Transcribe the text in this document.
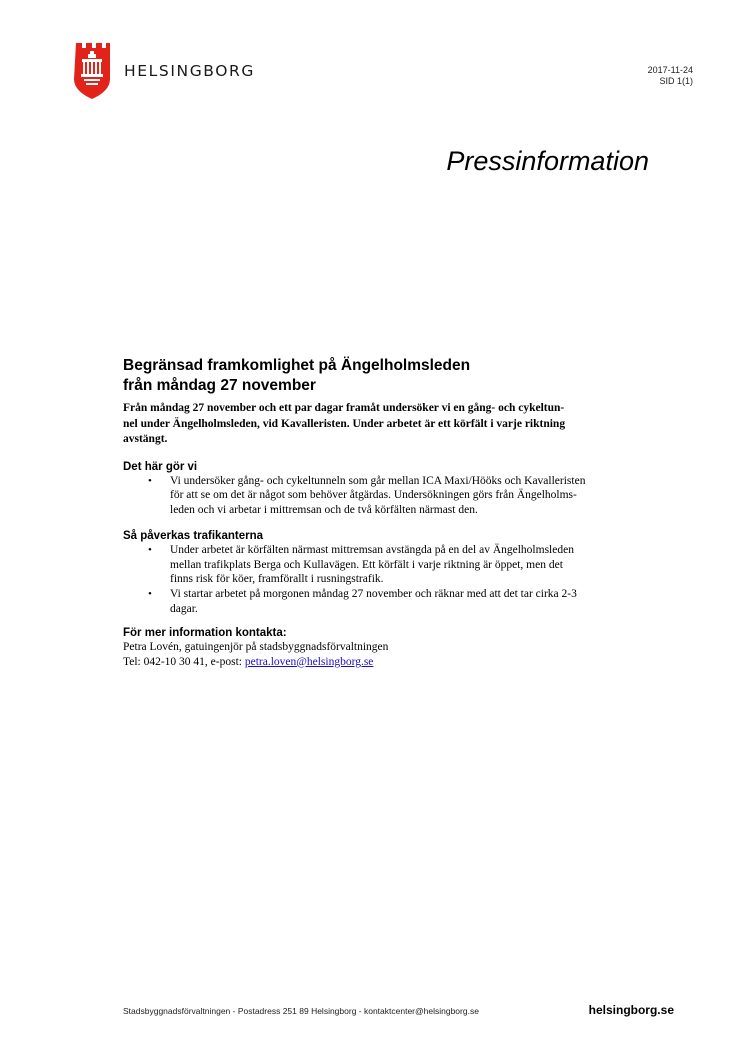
HELSINGBORG	2017-11-24
SID 1(1)
Pressinformation
Begränsad framkomlighet på Ängelholmsleden
från måndag 27 november
Från måndag 27 november och ett par dagar framåt undersöker vi en gång- och cykeltun-
nel under Ängelholmsleden, vid Kavalleristen. Under arbetet är ett körfält i varje riktning
avstängt.
Det här gör vi
• Vi undersöker gång- och cykeltunneln som går mellan ICA Maxi/Hööks och Kavalleristen
för att se om det är något som behöver åtgärdas. Undersökningen görs från Ängelholms-
leden och vi arbetar i mittremsan och de två körfälten närmast den.
Så påverkas trafikanterna
• Under arbetet är körfälten närmast mittremsan avstängda på en del av Ängelholmsleden
mellan trafikplats Berga och Kullavägen. Ett körfält i varje riktning är öppet, men det
finns risk för köer, framförallt i rusningstrafik.
• Vi startar arbetet på morgonen måndag 27 november och räknar med att det tar cirka 2-3
dagar.
För mer information kontakta:

Petra Lovén, gatuingenjör på stadsbyggnadsförvaltningen

Tel: 042-10 30 41, e-post: petra.loven@helsingborg.se

Stadsbyggnadsförvaltningen - Postadress 251 89 Helsingborg - kontaktcenter@helsingborg.se	helsingborg.se
